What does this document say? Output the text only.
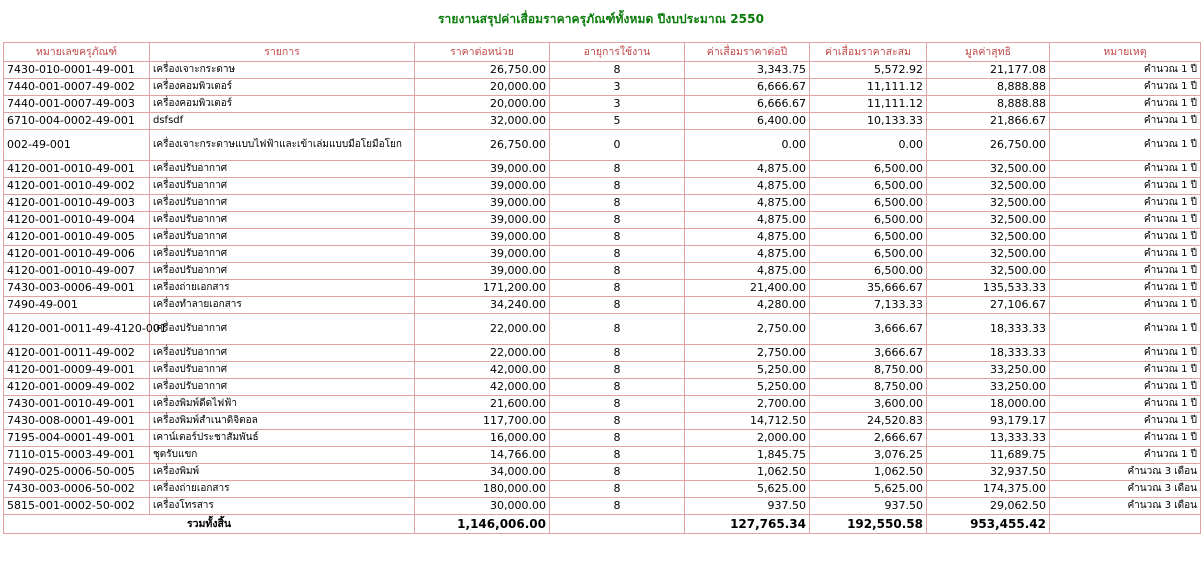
รายงานสรุปค่าเสื่อมราคาครุภัณฑ์ทั้งหมด ปีงบประมาณ 2550
หมายเลขครุภัณฑ์	รายการ	ราคาต่อหน่วย	อายุการใช้งาน	ค่าเสื่อมราคาต่อปี	ค่าเสื่อมราคาสะสม	มูลค่าสุทธิ	หมายเหตุ
7430-010-0001-49-001	เครื่องเจาะกระดาษ	26,750.00	8	3,343.75	5,572.92	21,177.08	คำนวณ 1 ปี
7440-001-0007-49-002	เครื่องคอมพิวเตอร์	20,000.00	3	6,666.67	11,111.12	8,888.88	คำนวณ 1 ปี
7440-001-0007-49-003	เครื่องคอมพิวเตอร์	20,000.00	3	6,666.67	11,111.12	8,888.88	คำนวณ 1 ปี
6710-004-0002-49-001	dsfsdf	32,000.00	5	6,400.00	10,133.33	21,866.67	คำนวณ 1 ปี
002-49-001	เครื่องเจาะกระดาษแบบไฟฟ้าและเข้าเล่มแบบมือโยมือโยก	26,750.00	0	0.00	0.00	26,750.00	คำนวณ 1 ปี
4120-001-0010-49-001	เครื่องปรับอากาศ	39,000.00	8	4,875.00	6,500.00	32,500.00	คำนวณ 1 ปี
4120-001-0010-49-002	เครื่องปรับอากาศ	39,000.00	8	4,875.00	6,500.00	32,500.00	คำนวณ 1 ปี
4120-001-0010-49-003	เครื่องปรับอากาศ	39,000.00	8	4,875.00	6,500.00	32,500.00	คำนวณ 1 ปี
4120-001-0010-49-004	เครื่องปรับอากาศ	39,000.00	8	4,875.00	6,500.00	32,500.00	คำนวณ 1 ปี
4120-001-0010-49-005	เครื่องปรับอากาศ	39,000.00	8	4,875.00	6,500.00	32,500.00	คำนวณ 1 ปี
4120-001-0010-49-006	เครื่องปรับอากาศ	39,000.00	8	4,875.00	6,500.00	32,500.00	คำนวณ 1 ปี
4120-001-0010-49-007	เครื่องปรับอากาศ	39,000.00	8	4,875.00	6,500.00	32,500.00	คำนวณ 1 ปี
7430-003-0006-49-001	เครื่องถ่ายเอกสาร	171,200.00	8	21,400.00	35,666.67	135,533.33	คำนวณ 1 ปี
7490-49-001	เครื่องทำลายเอกสาร	34,240.00	8	4,280.00	7,133.33	27,106.67	คำนวณ 1 ปี
4120-001-0011-49-4120-001	เครื่องปรับอากาศ	22,000.00	8	2,750.00	3,666.67	18,333.33	คำนวณ 1 ปี
4120-001-0011-49-002	เครื่องปรับอากาศ	22,000.00	8	2,750.00	3,666.67	18,333.33	คำนวณ 1 ปี
4120-001-0009-49-001	เครื่องปรับอากาศ	42,000.00	8	5,250.00	8,750.00	33,250.00	คำนวณ 1 ปี
4120-001-0009-49-002	เครื่องปรับอากาศ	42,000.00	8	5,250.00	8,750.00	33,250.00	คำนวณ 1 ปี
7430-001-0010-49-001	เครื่องพิมพ์ดีดไฟฟ้า	21,600.00	8	2,700.00	3,600.00	18,000.00	คำนวณ 1 ปี
7430-008-0001-49-001	เครื่องพิมพ์สำเนาดิจิตอล	117,700.00	8	14,712.50	24,520.83	93,179.17	คำนวณ 1 ปี
7195-004-0001-49-001	เคาน์เตอร์ประชาสัมพันธ์	16,000.00	8	2,000.00	2,666.67	13,333.33	คำนวณ 1 ปี
7110-015-0003-49-001	ชุดรับแขก	14,766.00	8	1,845.75	3,076.25	11,689.75	คำนวณ 1 ปี
7490-025-0006-50-005	เครื่องพิมพ์	34,000.00	8	1,062.50	1,062.50	32,937.50	คำนวณ 3 เดือน
7430-003-0006-50-002	เครื่องถ่ายเอกสาร	180,000.00	8	5,625.00	5,625.00	174,375.00	คำนวณ 3 เดือน
5815-001-0002-50-002	เครื่องโทรสาร	30,000.00	8	937.50	937.50	29,062.50	คำนวณ 3 เดือน
รวมทั้งสิ้น		1,146,006.00		127,765.34	192,550.58	953,455.42	
